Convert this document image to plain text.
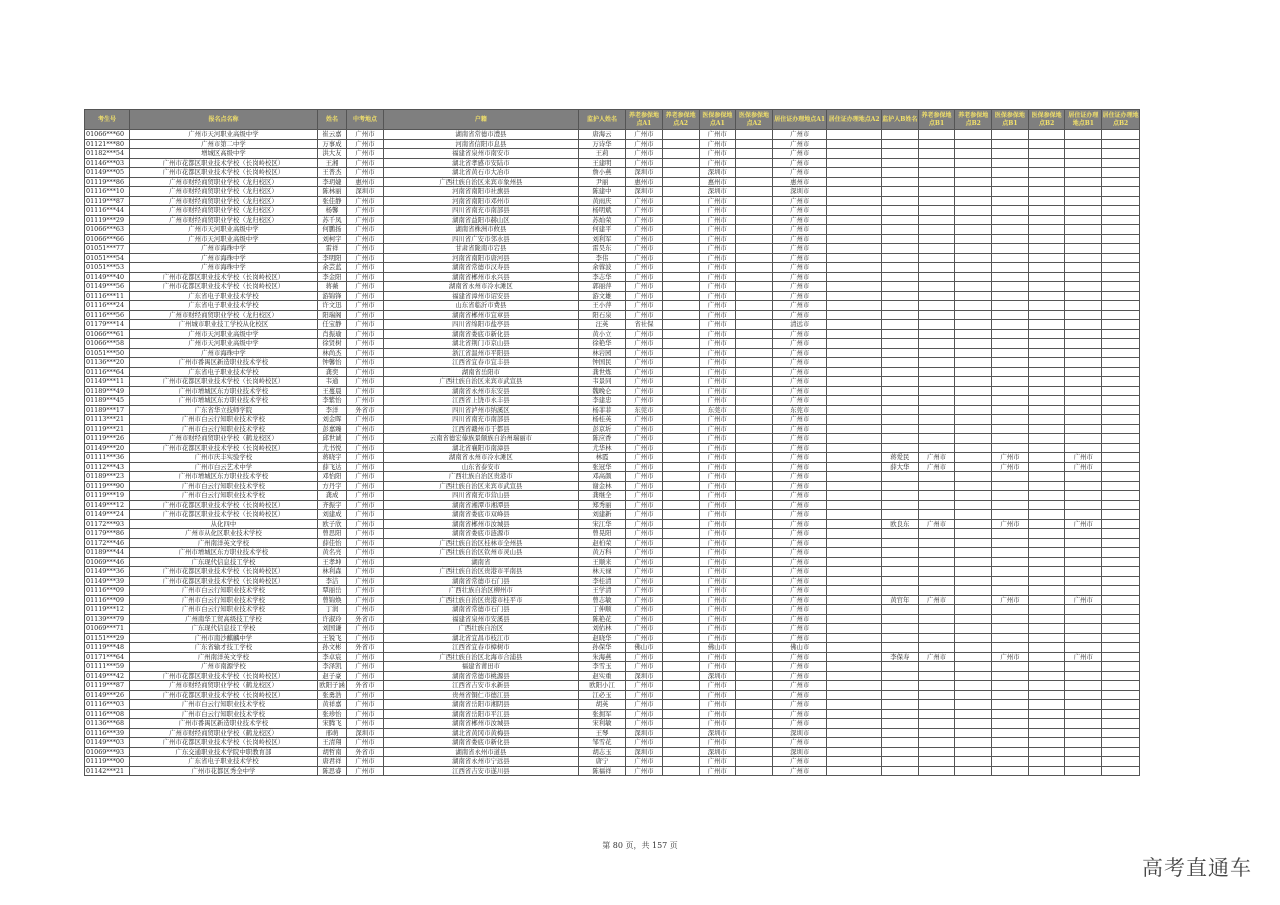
考生号	报名点名称	姓名	中考地点	户籍	监护人姓名	养老参保地点A1	养老参保地点A2	医保参保地点A1	医保参保地点A2	居住证办理地点A1	居住证办理地点A2	监护人B姓名	养老参保地点B1	养老参保地点B2	医保参保地点B1	医保参保地点B2	居住证办理地点B1	居住证办理地点B2
01066***60	广州市天河职业高级中学	崔云嘉	广州市	湖南省常德市澧县	唐海云	广州市		广州市		广州市								
01121***80	广州市第二中学	万事成	广州市	河南省信阳市息县	万诗华	广州市		广州市		广州市								
01182***54	增城区高级中学	洪大友	广州市	福建省泉州市南安市	王莉	广州市		广州市		广州市								
01146***03	广州市花都区职业技术学校（长岗岭校区）	王湘	广州市	湖北省孝感市安陆市	王建明	广州市		广州市		广州市								
01149***05	广州市花都区职业技术学校（长岗岭校区）	王普杰	广州市	湖北省黄石市大冶市	詹小燕	深圳市		深圳市		广州市								
01119***86	广州市财经商贸职业学校（龙归校区）	李玥婕	惠州市	广西壮族自治区来宾市象州县	尹丽	惠州市		惠州市		惠州市								
01116***10	广州市财经商贸职业学校（龙归校区）	陈林丽	深圳市	河南省南阳市社旗县	陈建中	深圳市		深圳市		深圳市								
01119***87	广州市财经商贸职业学校（龙归校区）	张佳静	广州市	河南省南阳市邓州市	黄雨庆	广州市		广州市		广州市								
01116***44	广州市财经商贸职业学校（龙归校区）	杨馨	广州市	四川省南充市南部县	杨明斌	广州市		广州市		广州市								
01119***29	广州市财经商贸职业学校（龙归校区）	苏千凤	广州市	湖南省益阳市赫山区	苏灿荣	广州市		广州市		广州市								
01066***63	广州市天河职业高级中学	何鹏扬	广州市	湖南省株洲市攸县	何建平	广州市		广州市		广州市								
01066***66	广州市天河职业高级中学	刘柯宇	广州市	四川省广安市邻水县	刘利军	广州市		广州市		广州市								
01051***77	广州市海珠中学	雷祥	广州市	甘肃省陇南市宕县	雷昊东	广州市		广州市		广州市								
01051***54	广州市海珠中学	李明阳	广州市	河南省南阳市唐河县	李伟	广州市		广州市		广州市								
01051***53	广州市海珠中学	余芸蓝	广州市	湖南省常德市汉寿县	余蓉波	广州市		广州市		广州市								
01149***40	广州市花都区职业技术学校（长岗岭校区）	李金阳	广州市	湖南省郴州市永兴县	李志华	广州市		广州市		广州市								
01149***56	广州市花都区职业技术学校（长岗岭校区）	蒋薇	广州市	湖南省永州市冷水滩区	郭丽萍	广州市		广州市		广州市								
01116***11	广东省电子职业技术学校	游锦锋	广州市	福建省漳州市诏安县	游文雄	广州市		广州市		广州市								
01116***24	广东省电子职业技术学校	许文迅	广州市	山东省临沂市费县	王小萍	广州市		广州市		广州市								
01116***56	广州市财经商贸职业学校（龙归校区）	阳瑞阁	广州市	湖南省郴州市宜章县	阳石泉	广州市		广州市		广州市								
01179***14	广州城市职业技工学校从化校区	任宝静	广州市	四川省绵阳市盐亭县	汪英	省社保		广州市		清远市								
01066***61	广州市天河职业高级中学	肖振瑜	广州市	湖南省娄底市新化县	黄小立	广州市		广州市		广州市								
01066***58	广州市天河职业高级中学	徐贤树	广州市	湖北省荆门市京山县	徐艳华	广州市		广州市		广州市								
01051***50	广州市海珠中学	林尚杰	广州市	浙江省温州市平阳县	林岩园	广州市		广州市		广州市								
01136***20	广州市番禺区新造职业技术学校	钟馨怡	广州市	江西省宜春市宜丰县	钟国民	广州市		广州市		广州市								
01116***64	广东省电子职业技术学校	龚奕	广州市	湖南省岳阳市	龚世炼	广州市		广州市		广州市								
01149***11	广州市花都区职业技术学校（长岗岭校区）	韦通	广州市	广西壮族自治区来宾市武宣县	韦景同	广州市		广州市		广州市								
01189***49	广州市增城区东方职业技术学校	王蔓晨	广州市	湖南省永州市东安县	魏晚仑	广州市		广州市		广州市								
01189***45	广州市增城区东方职业技术学校	李紫怡	广州市	江西省上饶市永丰县	李建忠	广州市		广州市		广州市								
01189***17	广东省华立技师学院	李洋	外省市	四川省泸州市纳溪区	杨菲菲	东莞市		东莞市		东莞市								
01113***21	广州市白云行知职业技术学校	刘金晖	广州市	四川省南充市南部县	杨桂英	广州市		广州市		广州市								
01119***21	广州市白云行知职业技术学校	彭嘉臻	广州市	江西省赣州市于都县	彭京圻	广州市		广州市		广州市								
01119***26	广州市财经商贸职业学校（鹤龙校区）	邱世诚	广州市	云南省德宏傣族景颇族自治州瑞丽市	陈应香	广州市		广州市		广州市								
01149***20	广州市花都区职业技术学校（长岗岭校区）	尤书悦	广州市	湖北省襄阳市南漳县	尤华林	广州市		广州市		广州市								
01111***36	广州市庆丰实验学校	蒋晓宇	广州市	湖南省永州市冷水滩区	林霞	广州市		广州市		广州市		蒋爱民	广州市		广州市		广州市	
01112***43	广州市白云艺术中学	薛飞达	广州市	山东省泰安市	张冠华	广州市		广州市		广州市		薛大华	广州市		广州市		广州市	
01189***23	广州市增城区东方职业技术学校	邓怡阳	广州市	广西壮族自治区贵港市	邓高颜	广州市		广州市		广州市								
01119***90	广州市白云行知职业技术学校	方丹宇	广州市	广西壮族自治区来宾市武宣县	谢金林	广州市		广州市		广州市								
01119***19	广州市白云行知职业技术学校	龚成	广州市	四川省南充市营山县	龚继全	广州市		广州市		广州市								
01149***12	广州市花都区职业技术学校（长岗岭校区）	齐振宇	广州市	湖南省湘潭市湘潭县	郑秀丽	广州市		广州市		广州市								
01149***24	广州市花都区职业技术学校（长岗岭校区）	刘建成	广州市	湖南省娄底市双峰县	刘建新	广州市		广州市		广州市								
01172***93	从化四中	欧子欣	广州市	湖南省郴州市汝城县	宋江华	广州市		广州市		广州市		欧良东	广州市		广州市		广州市	
01179***86	广州市从化区职业技术学校	曾思阳	广州市	湖南省娄底市涟源市	曾晃阳	广州市		广州市		广州市								
01172***46	广州南洋英文学校	薛佳怡	广州市	广西壮族自治区桂林市全州县	赵柏荣	广州市		广州市		广州市								
01189***44	广州市增城区东方职业技术学校	黄名亮	广州市	广西壮族自治区钦州市灵山县	黄万科	广州市		广州市		广州市								
01069***46	广东现代信息技工学校	王孝坤	广州市	湖南省	王顺来	广州市		广州市		广州市								
01149***36	广州市花都区职业技术学校（长岗岭校区）	林利森	广州市	广西壮族自治区贵港市平南县	林天禄	广州市		广州市		广州市								
01149***39	广州市花都区职业技术学校（长岗岭校区）	李洁	广州市	湖南省常德市石门县	李桂清	广州市		广州市		广州市								
01116***09	广州市白云行知职业技术学校	覃丽岳	广州市	广西壮族自治区柳州市	王学清	广州市		广州市		广州市								
01116***09	广州市白云行知职业技术学校	曾锦焕	广州市	广西壮族自治区贵港市桂平市	曾志敏	广州市		广州市		广州市		黄官年	广州市		广州市		广州市	
01119***12	广州市白云行知职业技术学校	丁润	广州市	湖南省常德市石门县	丁伸顺	广州市		广州市		广州市								
01139***79	广州南华工贸高级技工学校	许淑玲	外省市	福建省泉州市安溪县	陈艳花	广州市		广州市		广州市								
01069***71	广东现代信息技工学校	刘国谦	广州市	广西壮族自治区	刘佑林	广州市		广州市		广州市								
01151***29	广州市南沙麒麟中学	王锐飞	广州市	湖北省宜昌市枝江市	赵晓华	广州市		广州市		广州市								
01119***48	广东省输才技工学校	孙文彬	外省市	江西省宜春市樟树市	孙保华	佛山市		佛山市		佛山市								
01171***64	广州南洋英文学校	李卓宸	广州市	广西壮族自治区北海市合浦县	朱海燕	广州市		广州市		广州市		李保寿	广州市		广州市		广州市	
01111***59	广州市南源学校	李泽凯	广州市	福建省莆田市	李雪玉	广州市		广州市		广州市								
01149***42	广州市花都区职业技术学校（长岗岭校区）	赵子豪	广州市	湖南省常德市桃源县	赵实重	深圳市		深圳市		广州市								
01119***87	广州市财经商贸职业学校（鹤龙校区）	欧阳子涵	外省市	江西省吉安市永新县	欧阳小江	广州市		广州市		广州市								
01149***26	广州市花都区职业技术学校（长岗岭校区）	张勇浩	广州市	贵州省铜仁市德江县	江必玉	广州市		广州市		广州市								
01116***03	广州市白云行知职业技术学校	黄祥嘉	广州市	湖南省岳阳市湘阴县	胡英	广州市		广州市		广州市								
01116***08	广州市白云行知职业技术学校	张珍怡	广州市	湖南省岳阳市平江县	张拥军	广州市		广州市		广州市								
01136***68	广州市番禺区新造职业技术学校	宋腾飞	广州市	湖南省郴州市汝城县	宋利敏	广州市		广州市		广州市								
01116***39	广州市财经商贸职业学校（鹤龙校区）	邢萌	深圳市	湖北省黄冈市黄梅县	王琴	深圳市		深圳市		深圳市								
01149***03	广州市花都区职业技术学校（长岗岭校区）	王清翔	广州市	湖南省娄底市新化县	邹雪花	广州市		广州市		广州市								
01069***93	广东交通职业技术学院中职教育部	胡哲南	外省市	湖南省永州市道县	胡志玉	深圳市		深圳市		深圳市								
01119***00	广东省电子职业技术学校	唐君祥	广州市	湖南省永州市宁远县	唐宁	广州市		广州市		广州市								
01142***21	广州市花都区秀全中学	陈思睿	广州市	江西省吉安市遂川县	陈福祥	广州市		广州市		广州市								
第 80 页，共 157 页
高考直通车
